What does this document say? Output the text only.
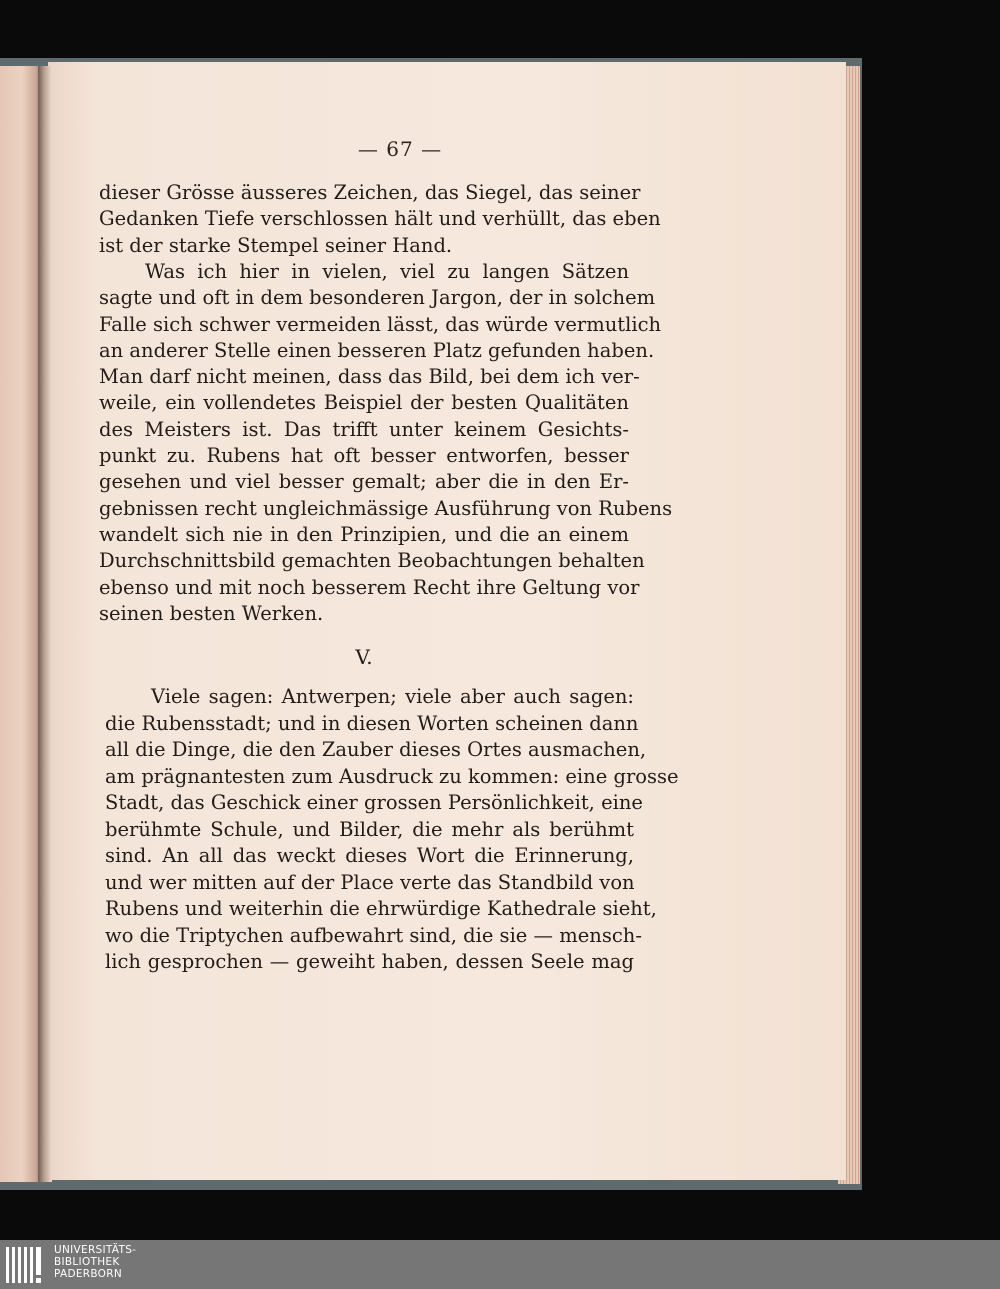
— 67 —
dieser Grösse äusseres Zeichen, das Siegel, das seiner
Gedanken Tiefe verschlossen hält und verhüllt, das eben
ist der starke Stempel seiner Hand.
Was ich hier in vielen, viel zu langen Sätzen
sagte und oft in dem besonderen Jargon, der in solchem
Falle sich schwer vermeiden lässt, das würde vermutlich
an anderer Stelle einen besseren Platz gefunden haben.
Man darf nicht meinen, dass das Bild, bei dem ich ver-
weile, ein vollendetes Beispiel der besten Qualitäten
des Meisters ist. Das trifft unter keinem Gesichts-
punkt zu. Rubens hat oft besser entworfen, besser
gesehen und viel besser gemalt; aber die in den Er-
gebnissen recht ungleichmässige Ausführung von Rubens
wandelt sich nie in den Prinzipien, und die an einem
Durchschnittsbild gemachten Beobachtungen behalten
ebenso und mit noch besserem Recht ihre Geltung vor
seinen besten Werken.
V.
Viele sagen: Antwerpen; viele aber auch sagen:
die Rubensstadt; und in diesen Worten scheinen dann
all die Dinge, die den Zauber dieses Ortes ausmachen,
am prägnantesten zum Ausdruck zu kommen: eine grosse
Stadt, das Geschick einer grossen Persönlichkeit, eine
berühmte Schule, und Bilder, die mehr als berühmt
sind. An all das weckt dieses Wort die Erinnerung,
und wer mitten auf der Place verte das Standbild von
Rubens und weiterhin die ehrwürdige Kathedrale sieht,
wo die Triptychen aufbewahrt sind, die sie — mensch-
lich gesprochen — geweiht haben, dessen Seele mag
UNIVERSITÄTS-
BIBLIOTHEK
PADERBORN
